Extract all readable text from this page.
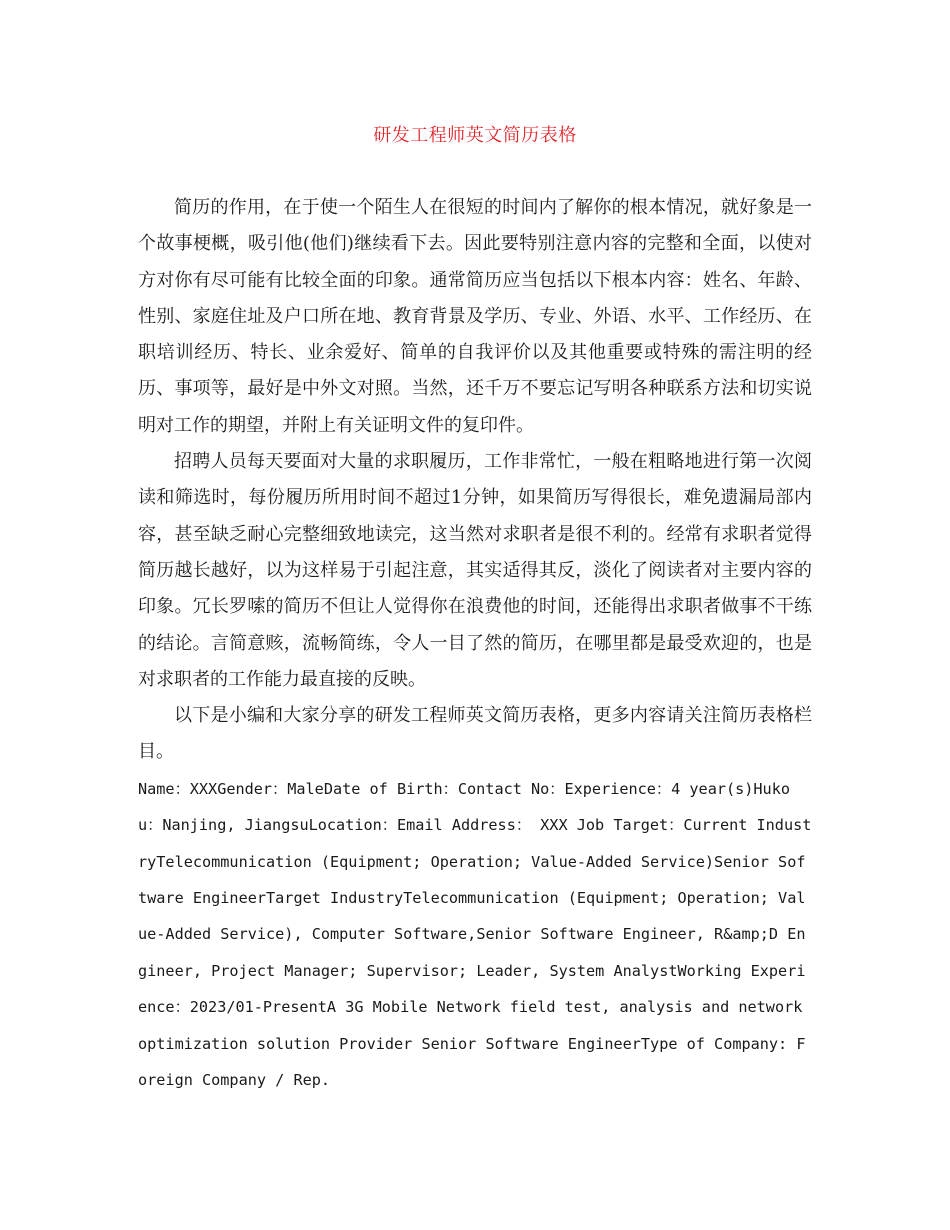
研发工程师英文简历表格

简历的作用，在于使一个陌生人在很短的时间内了解你的根本情况，就好象是一个故事梗概，吸引他(他们)继续看下去。因此要特别注意内容的完整和全面，以使对方对你有尽可能有比较全面的印象。通常简历应当包括以下根本内容：姓名、年龄、性别、家庭住址及户口所在地、教育背景及学历、专业、外语、水平、工作经历、在职培训经历、特长、业余爱好、简单的自我评价以及其他重要或特殊的需注明的经历、事项等，最好是中外文对照。当然，还千万不要忘记写明各种联系方法和切实说明对工作的期望，并附上有关证明文件的复印件。

招聘人员每天要面对大量的求职履历，工作非常忙，一般在粗略地进行第一次阅读和筛选时，每份履历所用时间不超过1分钟，如果简历写得很长，难免遗漏局部内容，甚至缺乏耐心完整细致地读完，这当然对求职者是很不利的。经常有求职者觉得简历越长越好，以为这样易于引起注意，其实适得其反，淡化了阅读者对主要内容的印象。冗长罗嗦的简历不但让人觉得你在浪费他的时间，还能得出求职者做事不干练的结论。言简意赅，流畅简练，令人一目了然的简历，在哪里都是最受欢迎的，也是对求职者的工作能力最直接的反映。

以下是小编和大家分享的研发工程师英文简历表格，更多内容请关注简历表格栏目。

Name：XXXGender：MaleDate of Birth：Contact No：Experience：4 year(s)Hukou：Nanjing, JiangsuLocation：Email Address： XXX Job Target：Current IndustryTelecommunication (Equipment; Operation; Value-Added Service)Senior Software EngineerTarget IndustryTelecommunication (Equipment; Operation; Value-Added Service), Computer Software,Senior Software Engineer, R&amp;D Engineer, Project Manager; Supervisor; Leader, System AnalystWorking Experience：2023/01-PresentA 3G Mobile Network field test, analysis and network optimization solution Provider Senior Software EngineerType of Company: Foreign Company / Rep.
